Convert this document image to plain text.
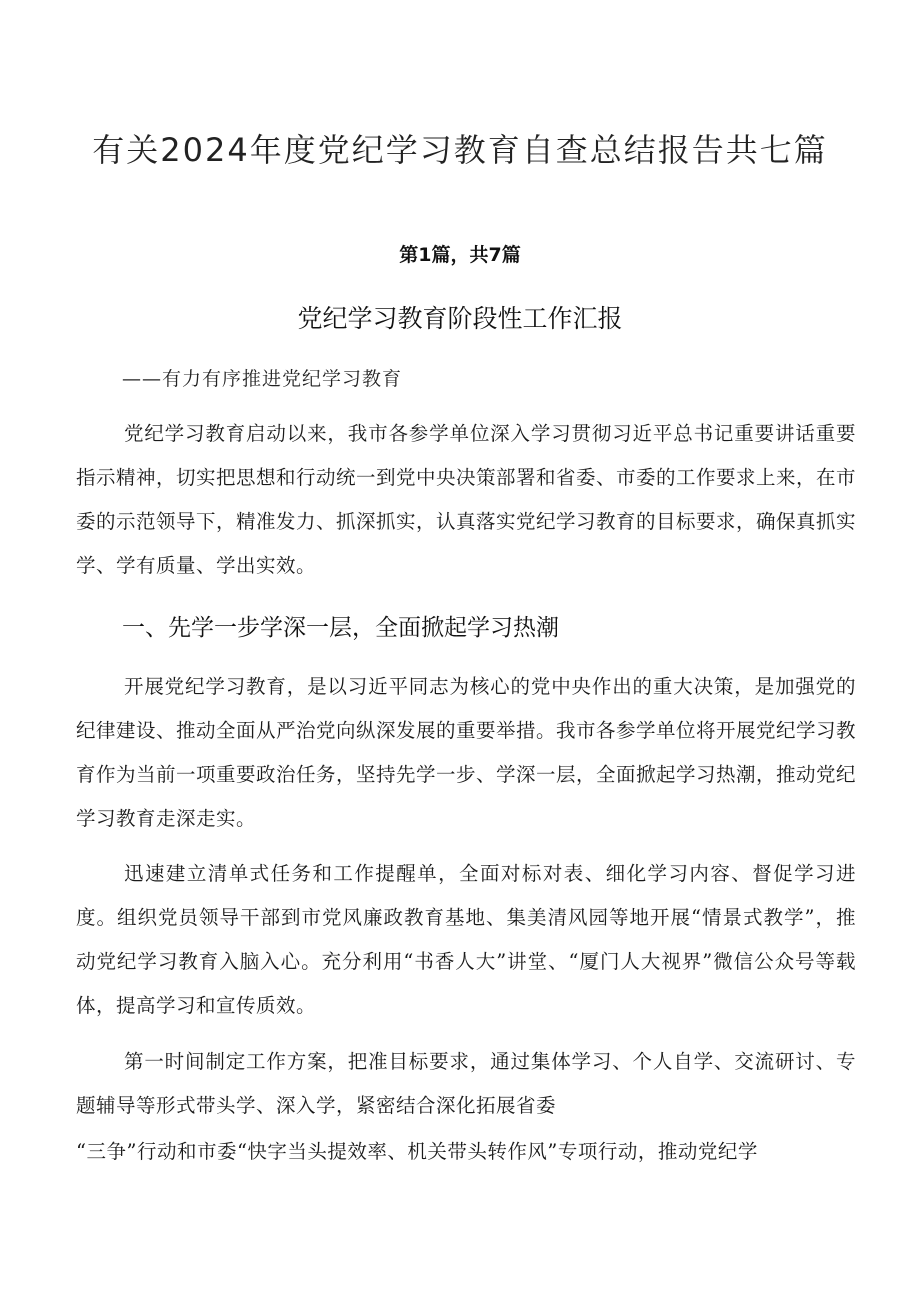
有关2024年度党纪学习教育自查总结报告共七篇
第1篇，共7篇
党纪学习教育阶段性工作汇报
——有力有序推进党纪学习教育

党纪学习教育启动以来，我市各参学单位深入学习贯彻习近平总书记重要讲话重要指示精神，切实把思想和行动统一到党中央决策部署和省委、市委的工作要求上来，在市委的示范领导下，精准发力、抓深抓实，认真落实党纪学习教育的目标要求，确保真抓实学、学有质量、学出实效。

一、先学一步学深一层，全面掀起学习热潮

开展党纪学习教育，是以习近平同志为核心的党中央作出的重大决策，是加强党的纪律建设、推动全面从严治党向纵深发展的重要举措。我市各参学单位将开展党纪学习教育作为当前一项重要政治任务，坚持先学一步、学深一层，全面掀起学习热潮，推动党纪学习教育走深走实。

迅速建立清单式任务和工作提醒单，全面对标对表、细化学习内容、督促学习进度。组织党员领导干部到市党风廉政教育基地、集美清风园等地开展“情景式教学”，推动党纪学习教育入脑入心。充分利用“书香人大”讲堂、“厦门人大视界”微信公众号等载体，提高学习和宣传质效。

第一时间制定工作方案，把准目标要求，通过集体学习、个人自学、交流研讨、专题辅导等形式带头学、深入学，紧密结合深化拓展省委

“三争”行动和市委“快字当头提效率、机关带头转作风”专项行动，推动党纪学
